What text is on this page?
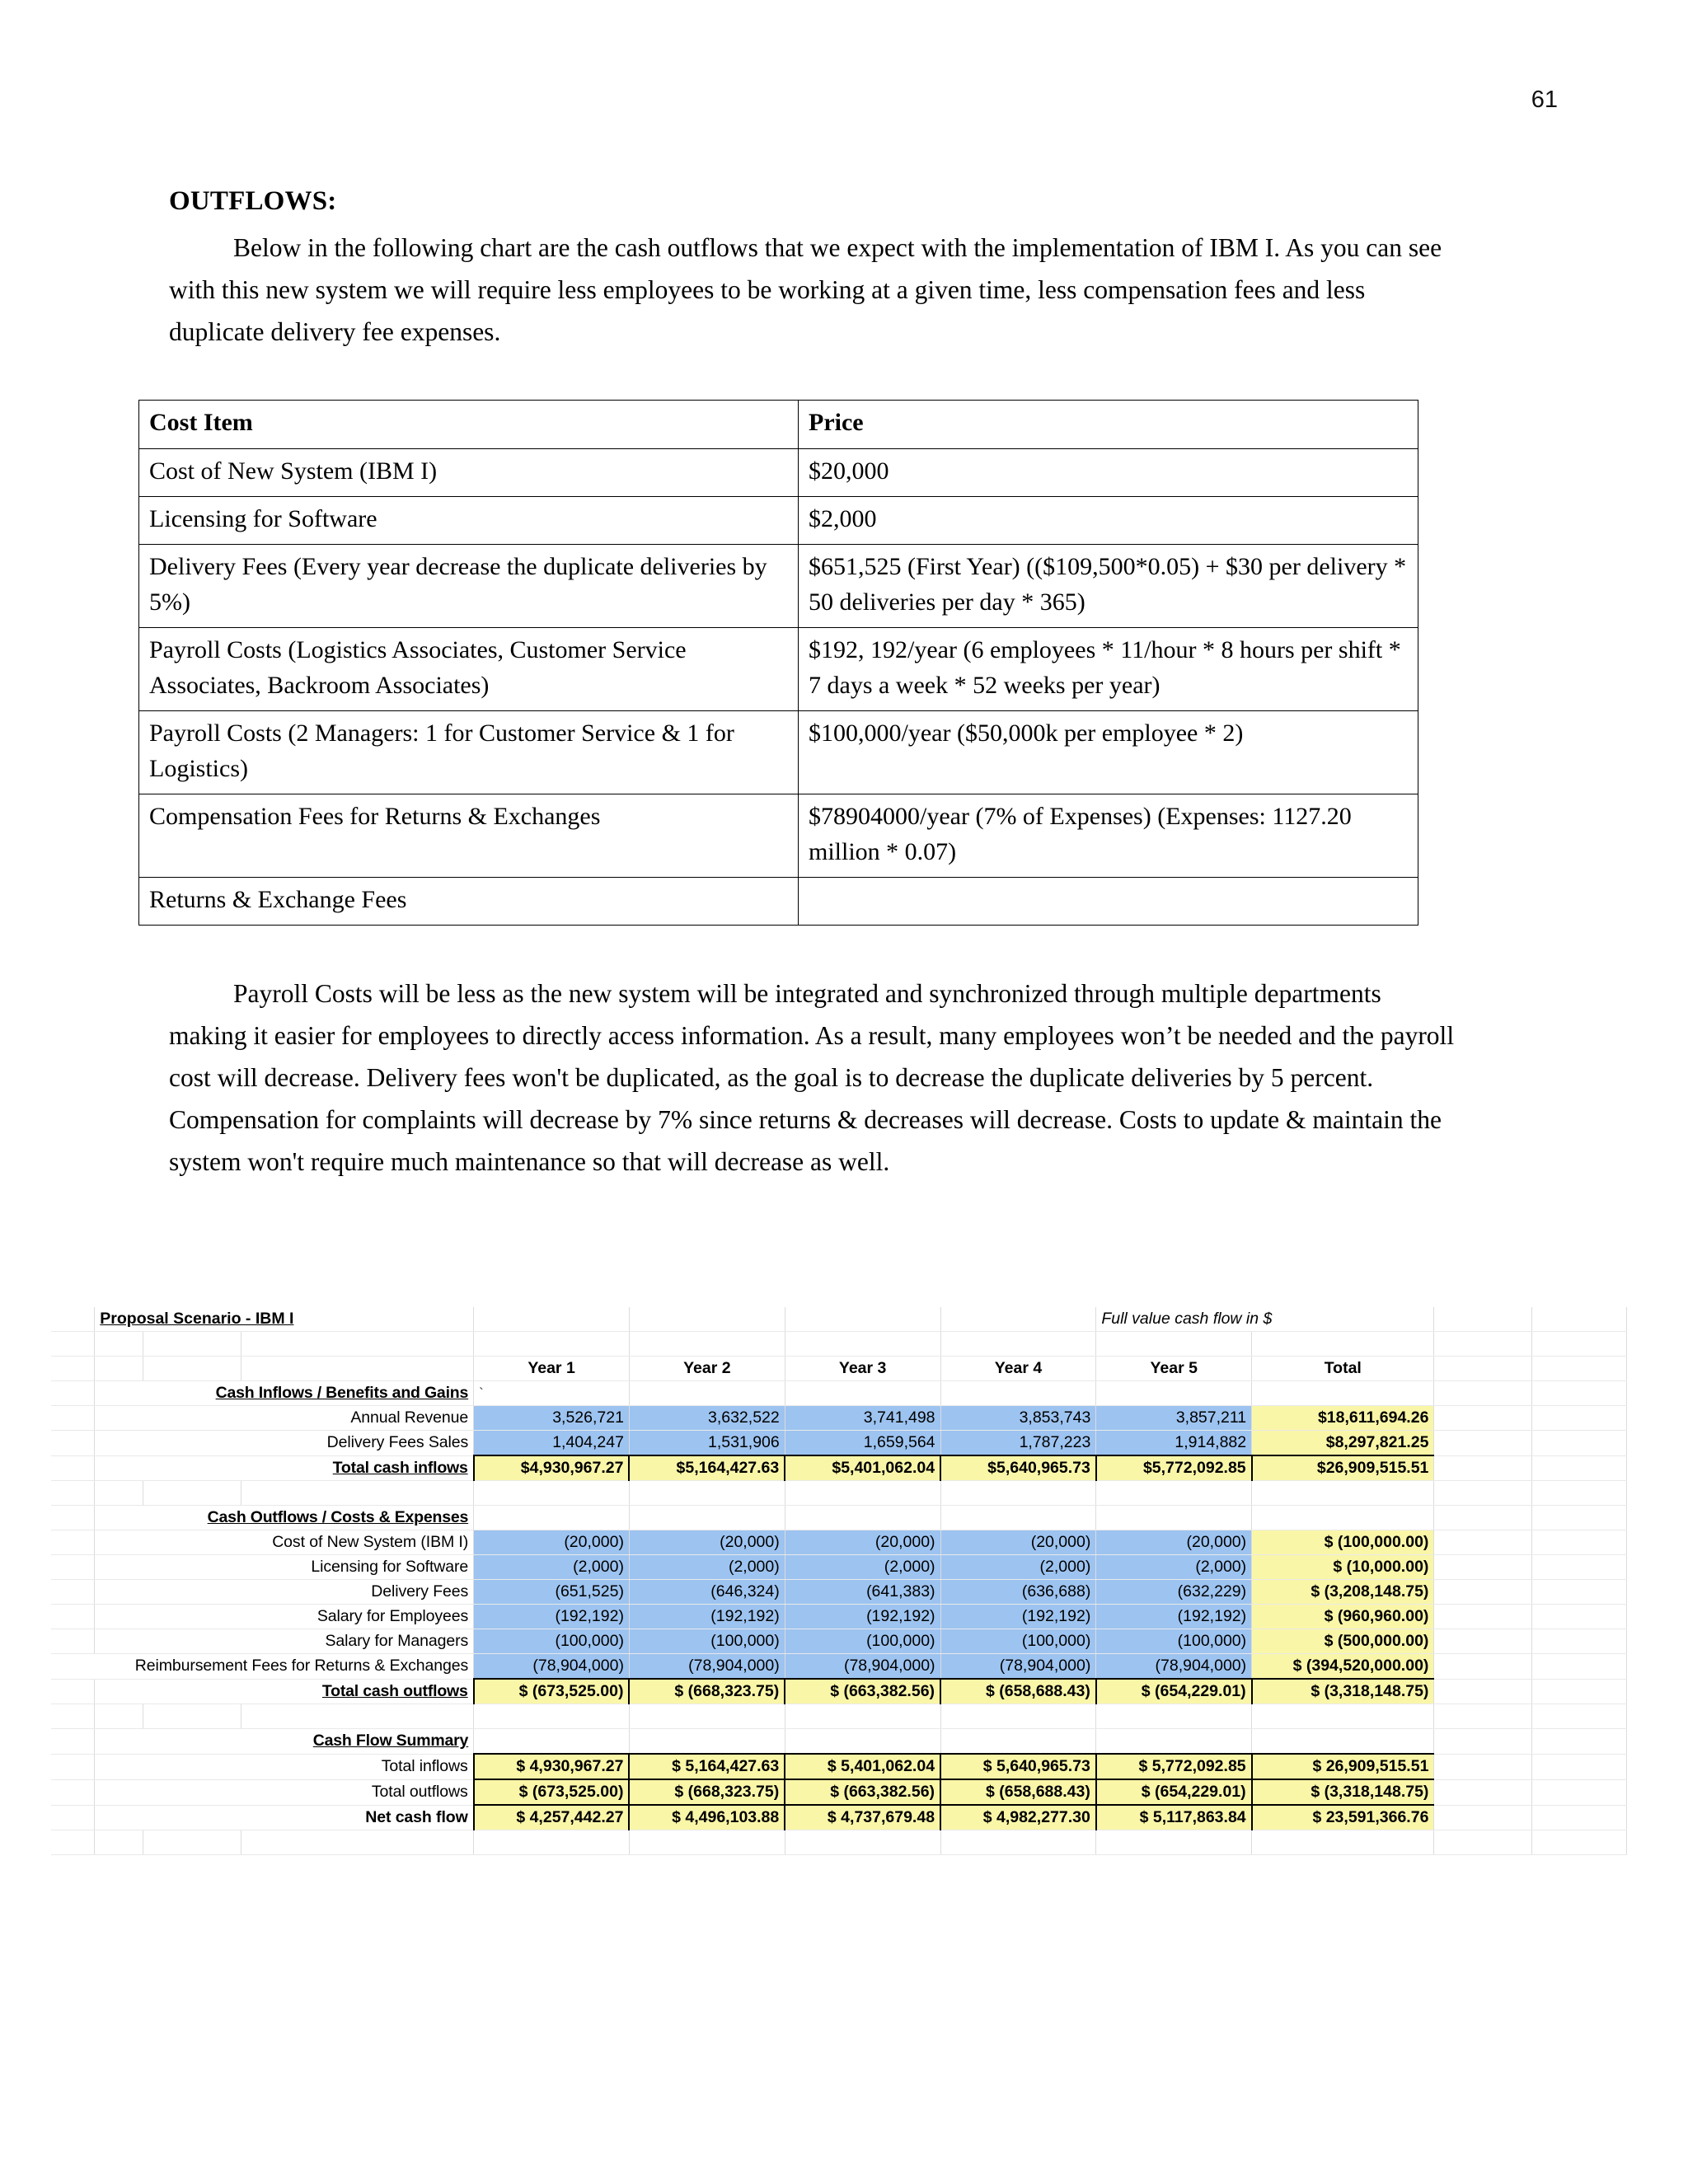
61

OUTFLOWS:

Below in the following chart are the cash outflows that we expect with the implementation of IBM I. As you can see with this new system we will require less employees to be working at a given time, less compensation fees and less duplicate delivery fee expenses.

Cost Item	Price
Cost of New System (IBM I)	$20,000
Licensing for Software	$2,000
Delivery Fees (Every year decrease the duplicate deliveries by 5%)	$651,525 (First Year) (($109,500*0.05) + $30 per delivery * 50 deliveries per day * 365)
Payroll Costs (Logistics Associates, Customer Service Associates, Backroom Associates)	$192, 192/year (6 employees * 11/hour * 8 hours per shift * 7 days a week * 52 weeks per year)
Payroll Costs (2 Managers: 1 for Customer Service & 1 for Logistics)	$100,000/year ($50,000k per employee * 2)
Compensation Fees for Returns & Exchanges	$78904000/year (7% of Expenses) (Expenses: 1127.20 million * 0.07)
Returns & Exchange Fees	

Payroll Costs will be less as the new system will be integrated and synchronized through multiple departments making it easier for employees to directly access information. As a result, many employees won’t be needed and the payroll cost will decrease. Delivery fees won't be duplicated, as the goal is to decrease the duplicate deliveries by 5 percent. Compensation for complaints will decrease by 7% since returns & decreases will decrease. Costs to update & maintain the system won't require much maintenance so that will decrease as well.

	Proposal Scenario - IBM I							Full value cash flow in $			

				Year 1	Year 2	Year 3	Year 4	Year 5	Total		
	Cash Inflows / Benefits and Gains			`							
	Annual Revenue			3,526,721	3,632,522	3,741,498	3,853,743	3,857,211	$18,611,694.26		
	Delivery Fees Sales			1,404,247	1,531,906	1,659,564	1,787,223	1,914,882	$8,297,821.25		
	Total cash inflows			$4,930,967.27	$5,164,427.63	$5,401,062.04	$5,640,965.73	$5,772,092.85	$26,909,515.51		

	Cash Outflows / Costs & Expenses										
	Cost of New System (IBM I)			(20,000)	(20,000)	(20,000)	(20,000)	(20,000)	$ (100,000.00)		
	Licensing for Software			(2,000)	(2,000)	(2,000)	(2,000)	(2,000)	$ (10,000.00)		
	Delivery Fees			(651,525)	(646,324)	(641,383)	(636,688)	(632,229)	$ (3,208,148.75)		
	Salary for Employees			(192,192)	(192,192)	(192,192)	(192,192)	(192,192)	$ (960,960.00)		
	Salary for Managers			(100,000)	(100,000)	(100,000)	(100,000)	(100,000)	$ (500,000.00)		
Reimbursement Fees for Returns & Exchanges				(78,904,000)	(78,904,000)	(78,904,000)	(78,904,000)	(78,904,000)	$ (394,520,000.00)		
	Total cash outflows			$ (673,525.00)	$ (668,323.75)	$ (663,382.56)	$ (658,688.43)	$ (654,229.01)	$ (3,318,148.75)		

	Cash Flow Summary										
	Total inflows			$ 4,930,967.27	$ 5,164,427.63	$ 5,401,062.04	$ 5,640,965.73	$ 5,772,092.85	$ 26,909,515.51		
	Total outflows			$ (673,525.00)	$ (668,323.75)	$ (663,382.56)	$ (658,688.43)	$ (654,229.01)	$ (3,318,148.75)		
	Net cash flow			$ 4,257,442.27	$ 4,496,103.88	$ 4,737,679.48	$ 4,982,277.30	$ 5,117,863.84	$ 23,591,366.76		
